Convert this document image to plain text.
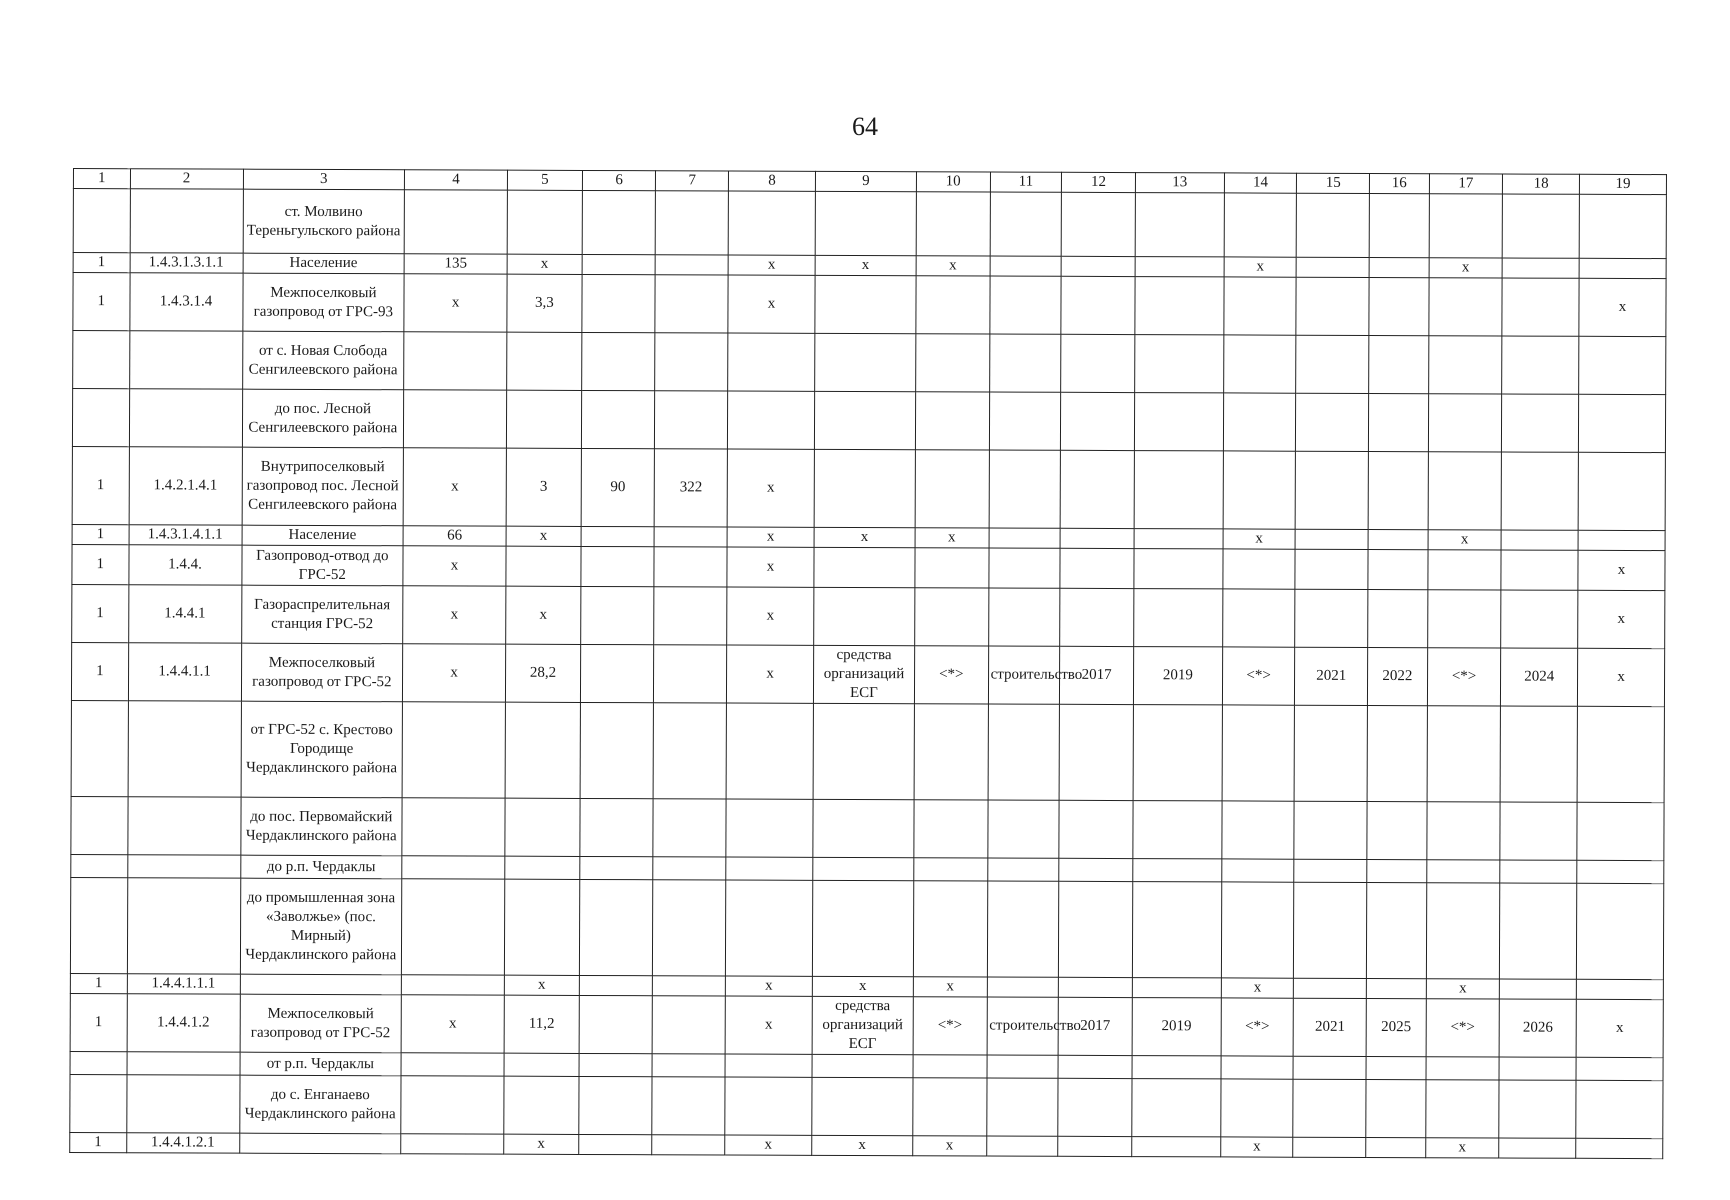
64
1	2	3	4	5	6	7	8	9	10	11	12	13	14	15	16	17	18	19
		ст. Молвино Тереньгульского района																
1	1.4.3.1.3.1.1	Население	135	х			х	х	х				х			х		
1	1.4.3.1.4	Межпоселковый газопровод от ГРС-93	х	3,3			х											х
		от с. Новая Слобода Сенгилеевского района																
		до пос. Лесной Сенгилеевского района																
1	1.4.2.1.4.1	Внутрипоселковый газопровод пос. Лесной Сенгилеевского района	х	3	90	322	х											
1	1.4.3.1.4.1.1	Население	66	х			х	х	х				х			х		
1	1.4.4.	Газопровод-отвод до ГРС-52	х				х											х
1	1.4.4.1	Газораспрелительная станция ГРС-52	х	х			х											х
1	1.4.4.1.1	Межпоселковый газопровод от ГРС-52	х	28,2			х	средства организаций ЕСГ	<*>	строительство	2017	2019	<*>	2021	2022	<*>	2024	х
		от ГРС-52 с. Крестово Городище Чердаклинского района																
		до пос. Первомайский Чердаклинского района																
		до р.п. Чердаклы																
		до промышленная зона «Заволжье» (пос. Мирный) Чердаклинского района																
1	1.4.4.1.1.1			х			х	х	х				х			х		
1	1.4.4.1.2	Межпоселковый газопровод от ГРС-52	х	11,2			х	средства организаций ЕСГ	<*>	строительство	2017	2019	<*>	2021	2025	<*>	2026	х
		от р.п. Чердаклы																
		до с. Енганаево Чердаклинского района																
1	1.4.4.1.2.1			х			х	х	х				х			х		
